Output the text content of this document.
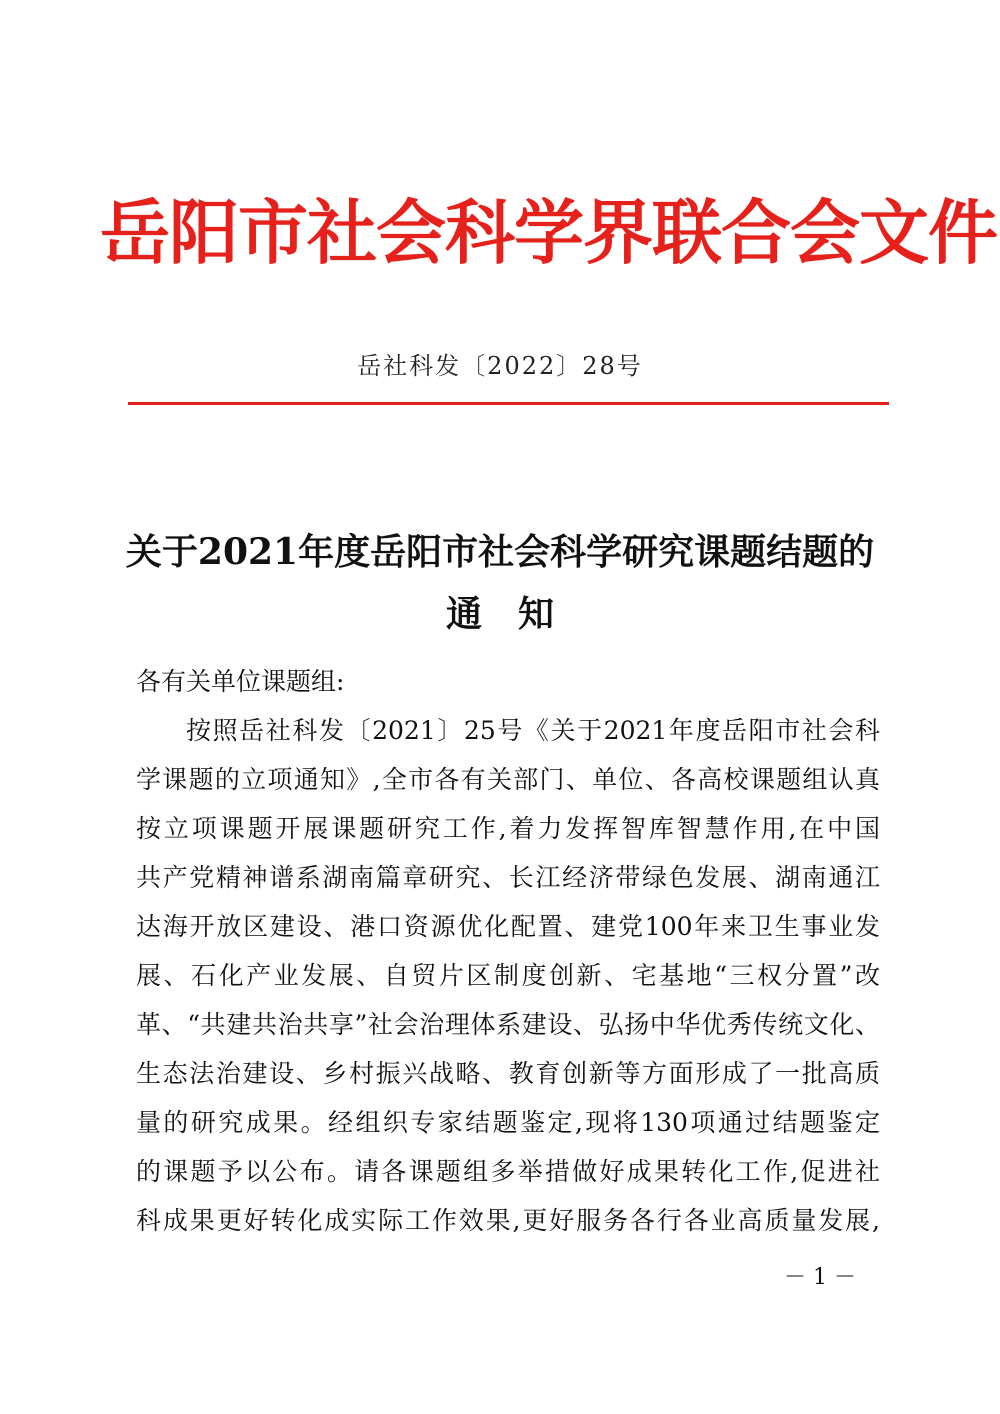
岳阳市社会科学界联合会文件
岳社科发〔2022〕28号
关于2021年度岳阳市社会科学研究课题结题的
通　知
各有关单位课题组:
按照岳社科发〔2021〕25号《关于2021年度岳阳市社会科
学课题的立项通知》,全市各有关部门、单位、各高校课题组认真
按立项课题开展课题研究工作,着力发挥智库智慧作用,在中国
共产党精神谱系湖南篇章研究、长江经济带绿色发展、湖南通江
达海开放区建设、港口资源优化配置、建党100年来卫生事业发
展、石化产业发展、自贸片区制度创新、宅基地“三权分置”改
革、“共建共治共享”社会治理体系建设、弘扬中华优秀传统文化、
生态法治建设、乡村振兴战略、教育创新等方面形成了一批高质
量的研究成果。经组织专家结题鉴定,现将130项通过结题鉴定
的课题予以公布。请各课题组多举措做好成果转化工作,促进社
科成果更好转化成实际工作效果,更好服务各行各业高质量发展,
－ 1 －
